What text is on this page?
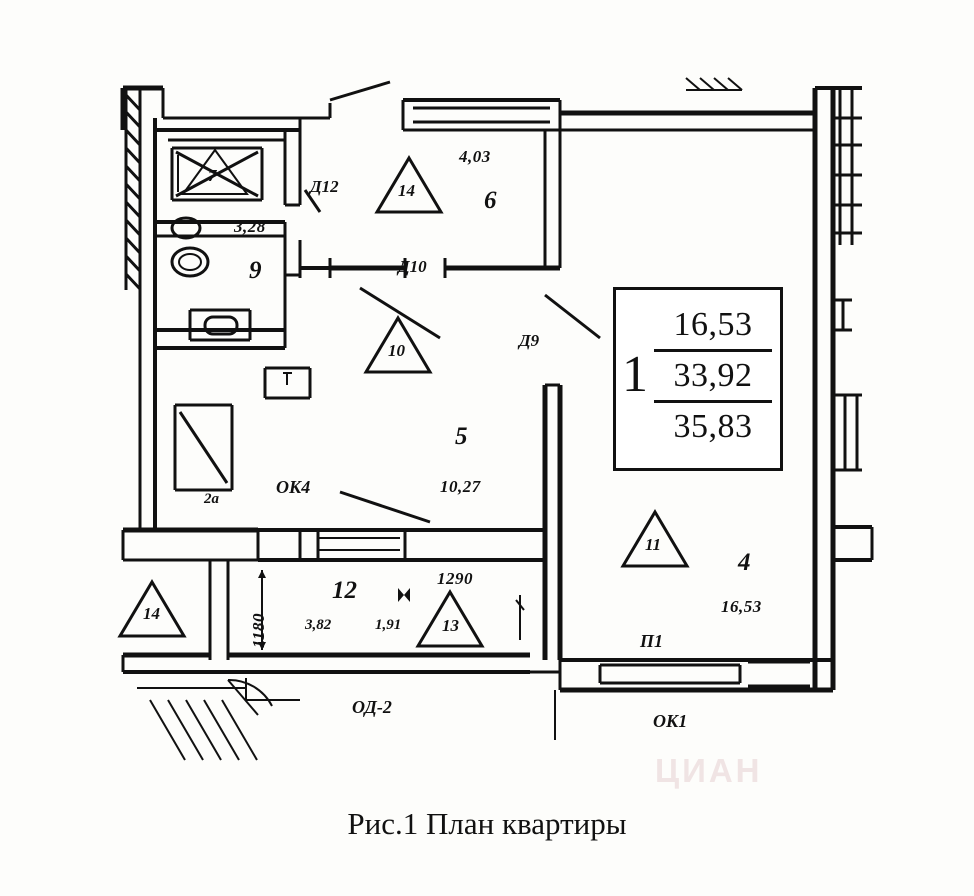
1
16,53
33,92
35,83
6
9
5
4
12
4,03
3,28
10,27
16,53
3,82	1,91
1290
1180
2а
Д12
Д10
Д9
ОК4
ОК1
ОД-2
П1
14
10
11
13
14
7
ЦИАН
Рис.1 План квартиры
